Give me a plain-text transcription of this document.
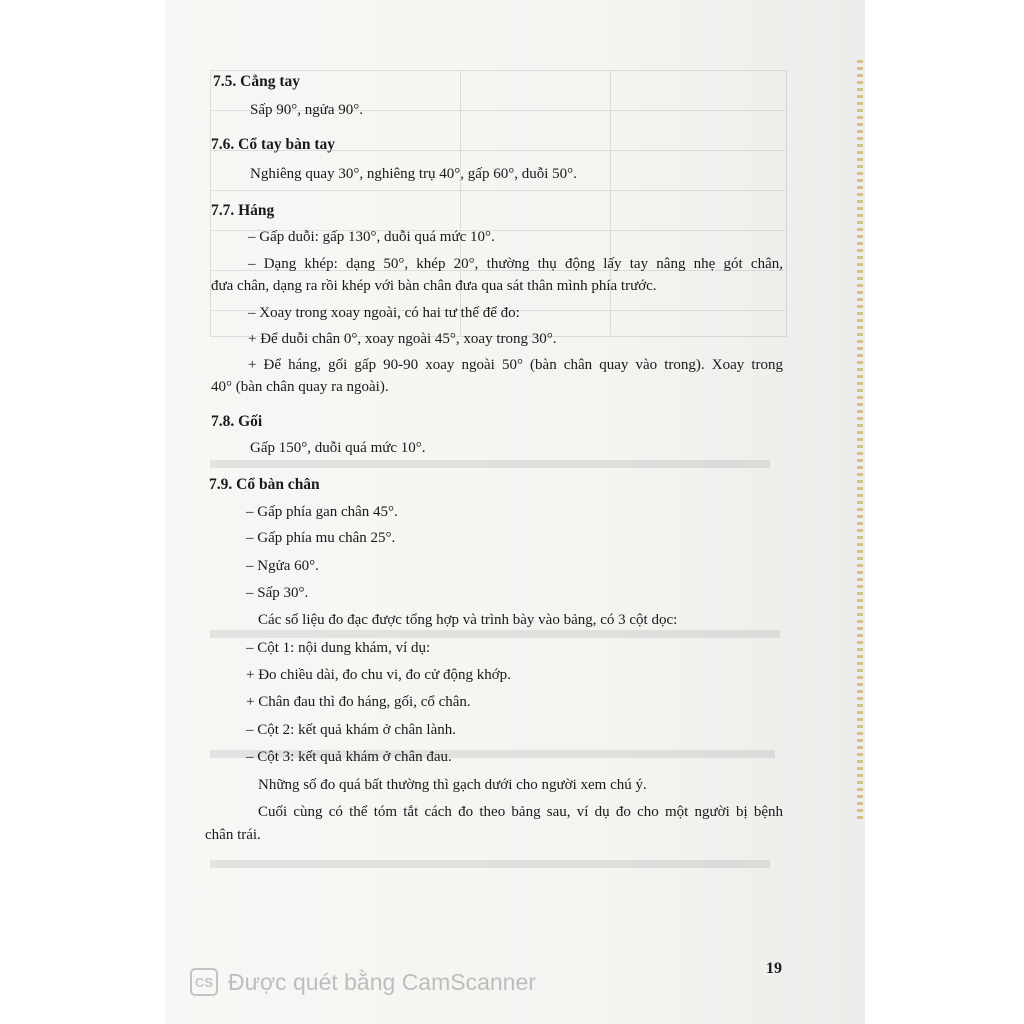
7.5. Cẳng tay
Sấp 90°, ngửa 90°.
7.6. Cổ tay bàn tay
Nghiêng quay 30°, nghiêng trụ 40°, gấp 60°, duỗi 50°.
7.7. Háng
– Gấp duỗi: gấp 130°, duỗi quá mức 10°.
– Dạng khép: dạng 50°, khép 20°, thường thụ động lấy tay nâng nhẹ gót chân,
đưa chân, dạng ra rồi khép với bàn chân đưa qua sát thân mình phía trước.
– Xoay trong xoay ngoài, có hai tư thế để đo:
+ Để duỗi chân 0°, xoay ngoài 45°, xoay trong 30°.
+ Để háng, gối gấp 90-90 xoay ngoài 50° (bàn chân quay vào trong). Xoay trong
40° (bàn chân quay ra ngoài).
7.8. Gối
Gấp 150°, duỗi quá mức 10°.
7.9. Cổ bàn chân
– Gấp phía gan chân 45°.
– Gấp phía mu chân 25°.
– Ngửa 60°.
– Sấp 30°.
Các số liệu đo đạc được tổng hợp và trình bày vào bảng, có 3 cột dọc:
– Cột 1: nội dung khám, ví dụ:
+ Đo chiều dài, đo chu vi, đo cử động khớp.
+ Chân đau thì đo háng, gối, cổ chân.
– Cột 2: kết quả khám ở chân lành.
– Cột 3: kết quả khám ở chân đau.
Những số đo quá bất thường thì gạch dưới cho người xem chú ý.
Cuối cùng có thể tóm tắt cách đo theo bảng sau, ví dụ đo cho một người bị bệnh
chân trái.
19
CS Được quét bằng CamScanner
